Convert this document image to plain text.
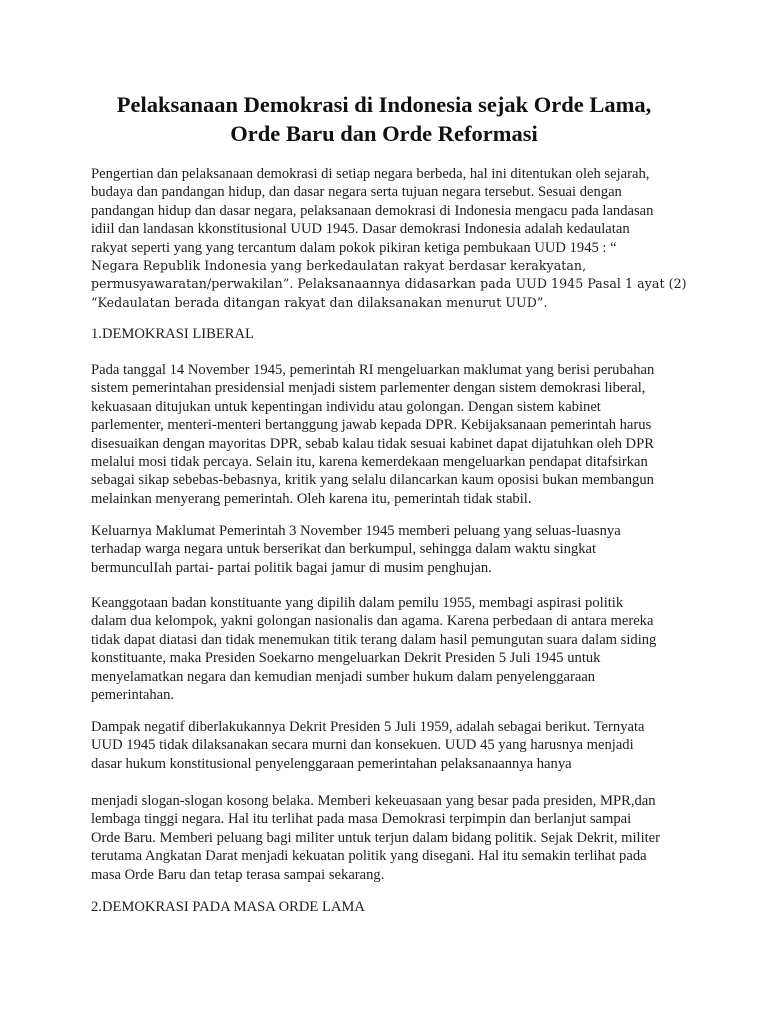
Pelaksanaan Demokrasi di Indonesia sejak Orde Lama,
Orde Baru dan Orde Reformasi

Pengertian dan pelaksanaan demokrasi di setiap negara berbeda, hal ini ditentukan oleh sejarah,
budaya dan pandangan hidup, dan dasar negara serta tujuan negara tersebut. Sesuai dengan
pandangan hidup dan dasar negara, pelaksanaan demokrasi di Indonesia mengacu pada landasan
idiil dan landasan kkonstitusional UUD 1945. Dasar demokrasi Indonesia adalah kedaulatan
rakyat seperti yang yang tercantum dalam pokok pikiran ketiga pembukaan UUD 1945 : “
Negara Republik Indonesia yang berkedaulatan rakyat berdasar kerakyatan,
permusyawaratan/perwakilan”. Pelaksanaannya didasarkan pada UUD 1945 Pasal 1 ayat (2)
“Kedaulatan berada ditangan rakyat dan dilaksanakan menurut UUD”.

1.DEMOKRASI LIBERAL

Pada tanggal 14 November 1945, pemerintah RI mengeluarkan maklumat yang berisi perubahan
sistem pemerintahan presidensial menjadi sistem parlementer dengan sistem demokrasi liberal,
kekuasaan ditujukan untuk kepentingan individu atau golongan. Dengan sistem kabinet
parlementer, menteri-menteri bertanggung jawab kepada DPR. Kebijaksanaan pemerintah harus
disesuaikan dengan mayoritas DPR, sebab kalau tidak sesuai kabinet dapat dijatuhkan oleh DPR
melalui mosi tidak percaya. Selain itu, karena kemerdekaan mengeluarkan pendapat ditafsirkan
sebagai sikap sebebas-bebasnya, kritik yang selalu dilancarkan kaum oposisi bukan membangun
melainkan menyerang pemerintah. Oleh karena itu, pemerintah tidak stabil.

Keluarnya Maklumat Pemerintah 3 November 1945 memberi peluang yang seluas-luasnya
terhadap warga negara untuk berserikat dan berkumpul, sehingga dalam waktu singkat
bermunculIah partai- partai politik bagai jamur di musim penghujan.

Keanggotaan badan konstituante yang dipilih dalam pemilu 1955, membagi aspirasi politik
dalam dua kelompok, yakni golongan nasionalis dan agama. Karena perbedaan di antara mereka
tidak dapat diatasi dan tidak menemukan titik terang dalam hasil pemungutan suara dalam siding
konstituante, maka Presiden Soekarno mengeluarkan Dekrit Presiden 5 Juli 1945 untuk
menyelamatkan negara dan kemudian menjadi sumber hukum dalam penyelenggaraan
pemerintahan.

Dampak negatif diberlakukannya Dekrit Presiden 5 Juli 1959, adalah sebagai berikut. Ternyata
UUD 1945 tidak dilaksanakan secara murni dan konsekuen. UUD 45 yang harusnya menjadi
dasar hukum konstitusional penyelenggaraan pemerintahan pelaksanaannya hanya

menjadi slogan-slogan kosong belaka. Memberi kekeuasaan yang besar pada presiden, MPR,dan
lembaga tinggi negara. Hal itu terlihat pada masa Demokrasi terpimpin dan berlanjut sampai
Orde Baru. Memberi peluang bagi militer untuk terjun dalam bidang politik. Sejak Dekrit, militer
terutama Angkatan Darat menjadi kekuatan politik yang disegani. Hal itu semakin terlihat pada
masa Orde Baru dan tetap terasa sampai sekarang.

2.DEMOKRASI PADA MASA ORDE LAMA
